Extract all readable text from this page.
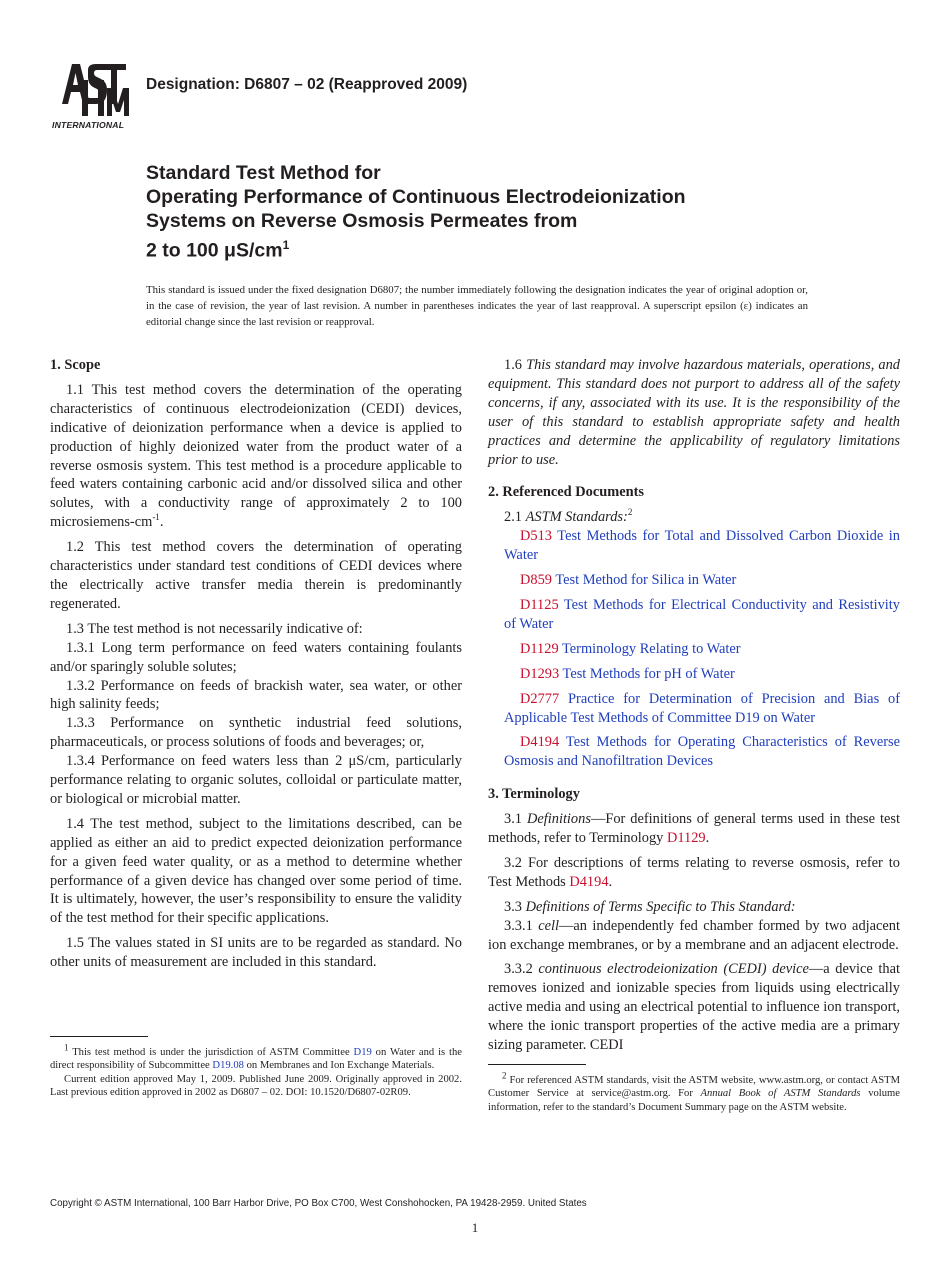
INTERNATIONAL
Designation: D6807 – 02 (Reapproved 2009)
Standard Test Method for
Operating Performance of Continuous Electrodeionization
Systems on Reverse Osmosis Permeates from
2 to 100 $\mu S/cm^1$
This standard is issued under the fixed designation D6807; the number immediately following the designation indicates the year of original adoption or, in the case of revision, the year of last revision. A number in parentheses indicates the year of last reapproval. A superscript epsilon (ε) indicates an editorial change since the last revision or reapproval.
1. Scope

1.1 This test method covers the determination of the operating characteristics of continuous electrodeionization (CEDI) devices, indicative of deionization performance when a device is applied to production of highly deionized water from the product water of a reverse osmosis system. This test method is a procedure applicable to feed waters containing carbonic acid and/or dissolved silica and other solutes, with a conductivity range of approximately 2 to 100 microsiemens-$cm^{-1}$.

1.2 This test method covers the determination of operating characteristics under standard test conditions of CEDI devices where the electrically active transfer media therein is predominantly regenerated.

1.3 The test method is not necessarily indicative of:

1.3.1 Long term performance on feed waters containing foulants and/or sparingly soluble solutes;

1.3.2 Performance on feeds of brackish water, sea water, or other high salinity feeds;

1.3.3 Performance on synthetic industrial feed solutions, pharmaceuticals, or process solutions of foods and beverages; or,

1.3.4 Performance on feed waters less than 2 μS/cm, particularly performance relating to organic solutes, colloidal or particulate matter, or biological or microbial matter.

1.4 The test method, subject to the limitations described, can be applied as either an aid to predict expected deionization performance for a given feed water quality, or as a method to determine whether performance of a given device has changed over some period of time. It is ultimately, however, the user’s responsibility to ensure the validity of the test method for their specific applications.

1.5 The values stated in SI units are to be regarded as standard. No other units of measurement are included in this standard.

$^1$ This test method is under the jurisdiction of ASTM Committee D19 on Water and is the direct responsibility of Subcommittee D19.08 on Membranes and Ion Exchange Materials.

Current edition approved May 1, 2009. Published June 2009. Originally approved in 2002. Last previous edition approved in 2002 as D6807 – 02. DOI: 10.1520/D6807-02R09.

1.6 This standard may involve hazardous materials, operations, and equipment. This standard does not purport to address all of the safety concerns, if any, associated with its use. It is the responsibility of the user of this standard to establish appropriate safety and health practices and determine the applicability of regulatory limitations prior to use.

2. Referenced Documents

2.1 ASTM Standards:$^2$

D513 Test Methods for Total and Dissolved Carbon Dioxide in Water

D859 Test Method for Silica in Water

D1125 Test Methods for Electrical Conductivity and Resistivity of Water

D1129 Terminology Relating to Water

D1293 Test Methods for pH of Water

D2777 Practice for Determination of Precision and Bias of Applicable Test Methods of Committee D19 on Water

D4194 Test Methods for Operating Characteristics of Reverse Osmosis and Nanofiltration Devices

3. Terminology

3.1 Definitions—For definitions of general terms used in these test methods, refer to Terminology D1129.

3.2 For descriptions of terms relating to reverse osmosis, refer to Test Methods D4194.

3.3 Definitions of Terms Specific to This Standard:

3.3.1 cell—an independently fed chamber formed by two adjacent ion exchange membranes, or by a membrane and an adjacent electrode.

3.3.2 continuous electrodeionization (CEDI) device—a device that removes ionized and ionizable species from liquids using electrically active media and using an electrical potential to influence ion transport, where the ionic transport properties of the active media are a primary sizing parameter. CEDI

$^2$ For referenced ASTM standards, visit the ASTM website, www.astm.org, or contact ASTM Customer Service at service@astm.org. For Annual Book of ASTM Standards volume information, refer to the standard’s Document Summary page on the ASTM website.

Copyright © ASTM International, 100 Barr Harbor Drive, PO Box C700, West Conshohocken, PA 19428-2959. United States
1
